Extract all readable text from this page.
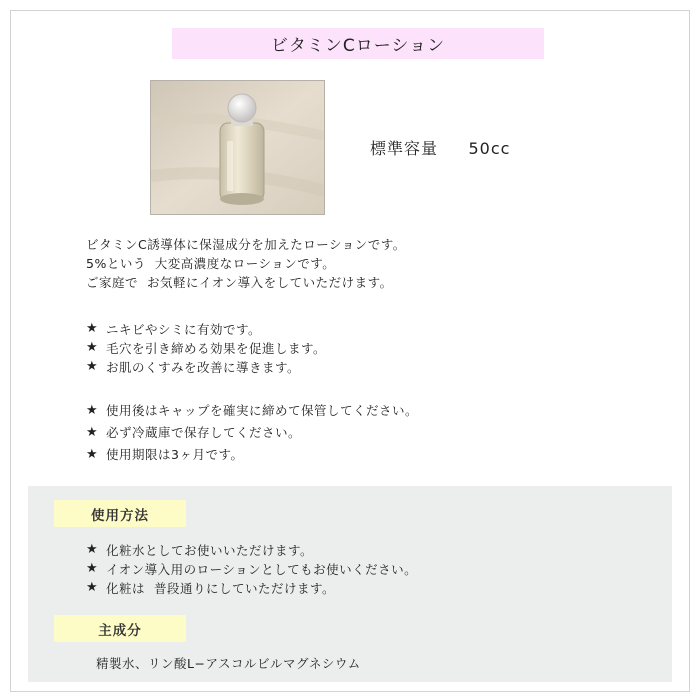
ビタミンCローション
標準容量 50cc
ビタミンC誘導体に保湿成分を加えたローションです。
5%という  大変高濃度なローションです。
ご家庭で  お気軽にイオン導入をしていただけます。
★ ニキビやシミに有効です。
★ 毛穴を引き締める効果を促進します。
★ お肌のくすみを改善に導きます。
★ 使用後はキャップを確実に締めて保管してください。
★ 必ず冷蔵庫で保存してください。
★ 使用期限は3ヶ月です。
使用方法
主成分
★ 化粧水としてお使いいただけます。
★ イオン導入用のローションとしてもお使いください。
★ 化粧は  普段通りにしていただけます。
精製水、リン酸L−アスコルビルマグネシウム
